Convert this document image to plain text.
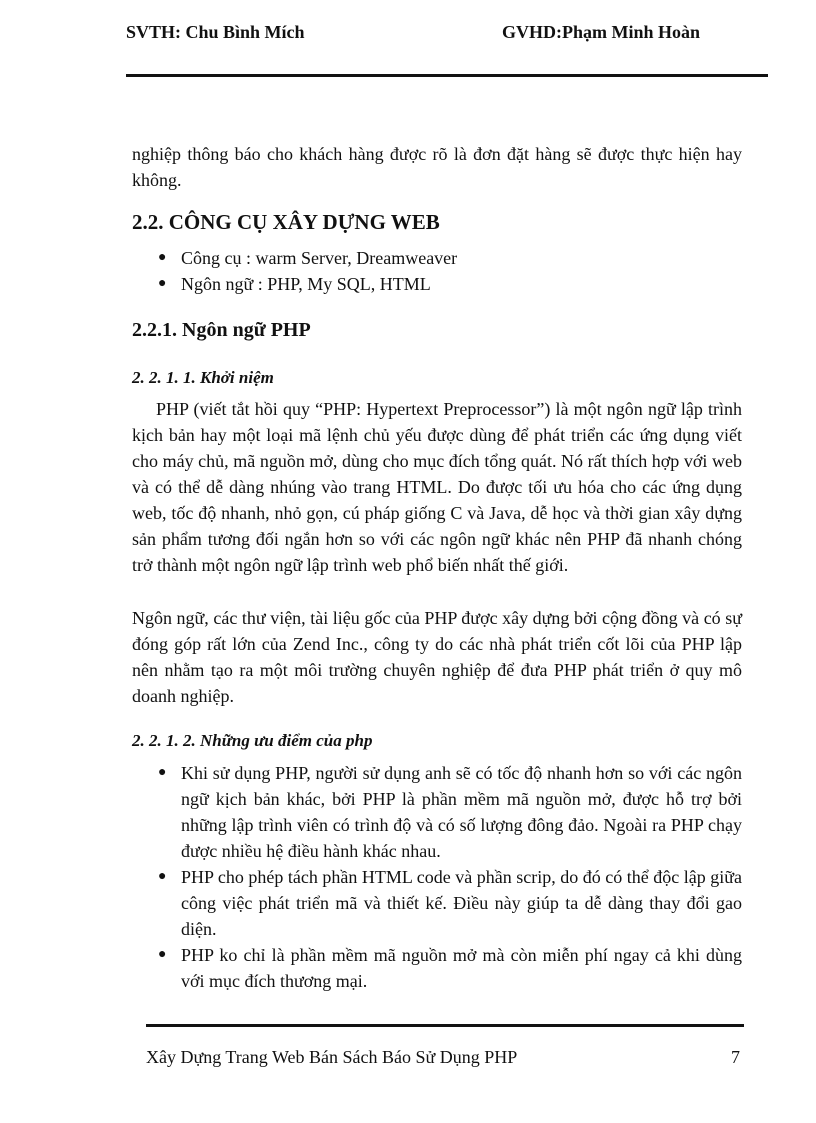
SVTH: Chu Bình Mích	GVHD:Phạm Minh Hoàn

nghiệp thông báo cho khách hàng được rõ là đơn đặt hàng sẽ được thực hiện hay không.

2.2. CÔNG CỤ XÂY DỰNG WEB
● Công cụ : warm Server, Dreamweaver
● Ngôn ngữ : PHP, My SQL, HTML
2.2.1. Ngôn ngữ PHP
2. 2. 1. 1. Khởi niệm

PHP (viết tắt hồi quy “PHP: Hypertext Preprocessor”) là một ngôn ngữ lập trình kịch bản hay một loại mã lệnh chủ yếu được dùng để phát triển các ứng dụng viết cho máy chủ, mã nguồn mở, dùng cho mục đích tổng quát. Nó rất thích hợp với web và có thể dễ dàng nhúng vào trang HTML. Do được tối ưu hóa cho các ứng dụng web, tốc độ nhanh, nhỏ gọn, cú pháp giống C và Java, dễ học và thời gian xây dựng sản phẩm tương đối ngắn hơn so với các ngôn ngữ khác nên PHP đã nhanh chóng trở thành một ngôn ngữ lập trình web phổ biến nhất thế giới.

Ngôn ngữ, các thư viện, tài liệu gốc của PHP được xây dựng bởi cộng đồng và có sự đóng góp rất lớn của Zend Inc., công ty do các nhà phát triển cốt lõi của PHP lập nên nhằm tạo ra một môi trường chuyên nghiệp để đưa PHP phát triển ở quy mô doanh nghiệp.

2. 2. 1. 2. Những ưu điểm của php
● Khi sử dụng PHP, người sử dụng anh sẽ có tốc độ nhanh hơn so với các ngôn ngữ kịch bản khác, bởi PHP là phần mềm mã nguồn mở, được hỗ trợ bởi những lập trình viên có trình độ và có số lượng đông đảo. Ngoài ra PHP chạy được nhiều hệ điều hành khác nhau.
● PHP cho phép tách phần HTML code và phần scrip, do đó có thể độc lập giữa công việc phát triển mã và thiết kế. Điều này giúp ta dễ dàng thay đổi gao diện.
● PHP ko chỉ là phần mềm mã nguồn mở mà còn miễn phí ngay cả khi dùng với mục đích thương mại.
Xây Dựng Trang Web Bán Sách Báo Sử Dụng PHP	7
